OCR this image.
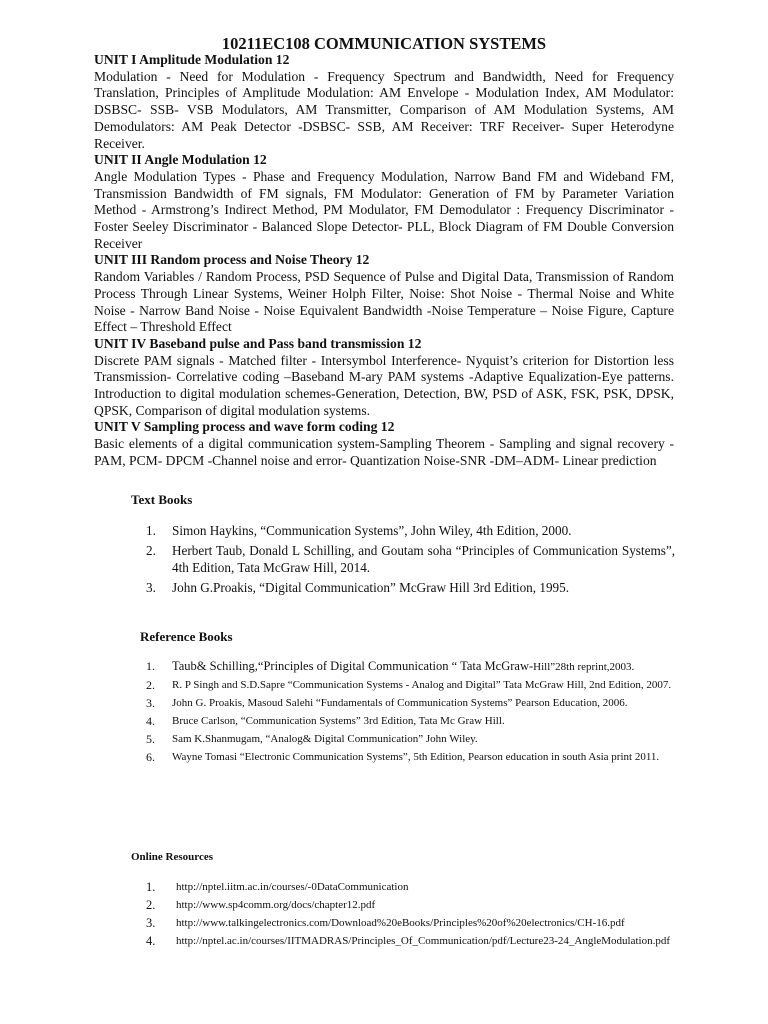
10211EC108 COMMUNICATION SYSTEMS
UNIT I Amplitude Modulation 12
Modulation - Need for Modulation - Frequency Spectrum and Bandwidth, Need for Frequency Translation, Principles of Amplitude Modulation: AM Envelope - Modulation Index, AM Modulator: DSBSC- SSB- VSB Modulators, AM Transmitter, Comparison of AM Modulation Systems, AM Demodulators: AM Peak Detector -DSBSC- SSB, AM Receiver: TRF Receiver- Super Heterodyne Receiver.
UNIT II Angle Modulation 12
Angle Modulation Types - Phase and Frequency Modulation, Narrow Band FM and Wideband FM, Transmission Bandwidth of FM signals, FM Modulator: Generation of FM by Parameter Variation Method - Armstrong’s Indirect Method, PM Modulator, FM Demodulator : Frequency Discriminator - Foster Seeley Discriminator - Balanced Slope Detector- PLL, Block Diagram of FM Double Conversion Receiver
UNIT III Random process and Noise Theory 12
Random Variables / Random Process, PSD Sequence of Pulse and Digital Data, Transmission of Random Process Through Linear Systems, Weiner Holph Filter, Noise: Shot Noise - Thermal Noise and White Noise - Narrow Band Noise - Noise Equivalent Bandwidth -Noise Temperature – Noise Figure, Capture Effect – Threshold Effect
UNIT IV Baseband pulse and Pass band transmission 12
Discrete PAM signals - Matched filter - Intersymbol Interference- Nyquist’s criterion for Distortion less Transmission- Correlative coding –Baseband M-ary PAM systems -Adaptive Equalization-Eye patterns. Introduction to digital modulation schemes-Generation, Detection, BW, PSD of ASK, FSK, PSK, DPSK, QPSK, Comparison of digital modulation systems.
UNIT V Sampling process and wave form coding 12
Basic elements of a digital communication system-Sampling Theorem - Sampling and signal recovery - PAM, PCM- DPCM -Channel noise and error- Quantization Noise-SNR -DM–ADM- Linear prediction
Text Books
1. Simon Haykins, “Communication Systems”, John Wiley, 4th Edition, 2000.
2. Herbert Taub, Donald L Schilling, and Goutam soha “Principles of Communication Systems”, 4th Edition, Tata McGraw Hill, 2014.
3. John G.Proakis, “Digital Communication” McGraw Hill 3rd Edition, 1995.
Reference Books
1. Taub& Schilling,“Principles of Digital Communication “ Tata McGraw-Hill”28th reprint,2003.
2. R. P Singh and S.D.Sapre “Communication Systems - Analog and Digital” Tata McGraw Hill, 2nd Edition, 2007.
3. John G. Proakis, Masoud Salehi “Fundamentals of Communication Systems” Pearson Education, 2006.
4. Bruce Carlson, “Communication Systems” 3rd Edition, Tata Mc Graw Hill.
5. Sam K.Shanmugam, “Analog& Digital Communication” John Wiley.
6. Wayne Tomasi “Electronic Communication Systems”, 5th Edition, Pearson education in south Asia print 2011.
Online Resources
1. http://nptel.iitm.ac.in/courses/-0DataCommunication
2. http://www.sp4comm.org/docs/chapter12.pdf
3. http://www.talkingelectronics.com/Download%20eBooks/Principles%20of%20electronics/CH-16.pdf
4. http://nptel.ac.in/courses/IITMADRAS/Principles_Of_Communication/pdf/Lecture23-24_AngleModulation.pdf
